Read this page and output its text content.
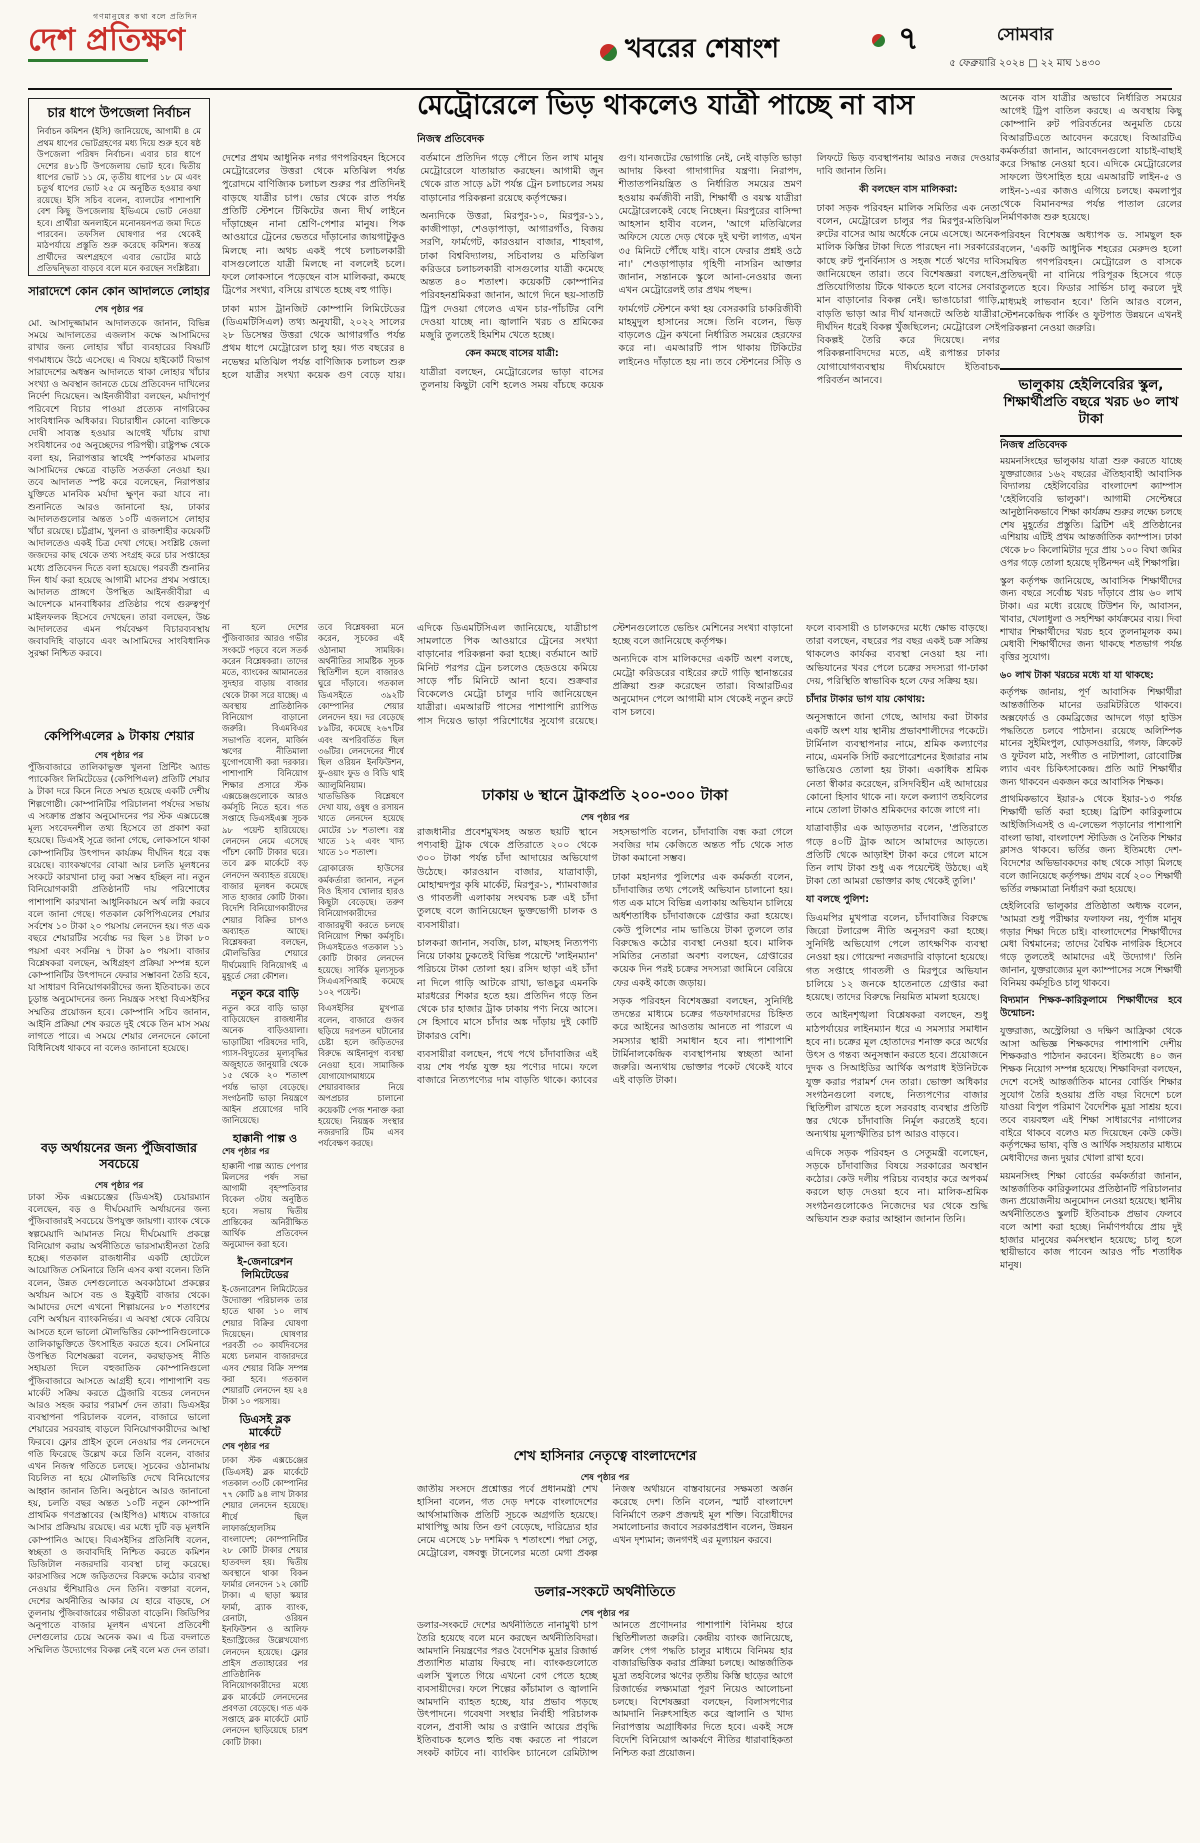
গণমানুষের কথা বলে প্রতিদিন

দেশ প্রতিক্ষণ	খবরের শেষাংশ	৭	সোমবার

৫ ফেব্রুয়ারি ২০২৪ □ ২২ মাঘ ১৪৩০

চার ধাপে উপজেলা নির্বাচন
নির্বাচন কমিশন (ইসি) জানিয়েছে, আগামী ৪ মে প্রথম ধাপের ভোটগ্রহণের মধ্য দিয়ে শুরু হবে ষষ্ঠ উপজেলা পরিষদ নির্বাচন। এবার চার ধাপে দেশের ৪৮১টি উপজেলায় ভোট হবে। দ্বিতীয় ধাপের ভোট ১১ মে, তৃতীয় ধাপের ১৮ মে এবং চতুর্থ ধাপের ভোট ২৫ মে অনুষ্ঠিত হওয়ার কথা রয়েছে। ইসি সচিব বলেন, ব্যালটের পাশাপাশি বেশ কিছু উপজেলায় ইভিএমে ভোট নেওয়া হবে। প্রার্থীরা অনলাইনে মনোনয়নপত্র জমা দিতে পারবেন। তফসিল ঘোষণার পর থেকেই মাঠপর্যায়ে প্রস্তুতি শুরু করেছে কমিশন। স্বতন্ত্র প্রার্থীদের অংশগ্রহণে এবার ভোটের মাঠে প্রতিদ্বন্দ্বিতা বাড়বে বলে মনে করছেন সংশ্লিষ্টরা।
সারাদেশে কোন কোন আদালতে লোহার

শেষ পৃষ্ঠার পর

মো. আসাদুজ্জামান আদালতকে জানান, বিভিন্ন সময়ে আদালতের এজলাস কক্ষে আসামিদের রাখার জন্য লোহার খাঁচা ব্যবহারের বিষয়টি গণমাধ্যমে উঠে এসেছে। এ বিষয়ে হাইকোর্ট বিভাগ সারাদেশের অধস্তন আদালতে থাকা লোহার খাঁচার সংখ্যা ও অবস্থান জানতে চেয়ে প্রতিবেদন দাখিলের নির্দেশ দিয়েছেন। আইনজীবীরা বলছেন, মর্যাদাপূর্ণ পরিবেশে বিচার পাওয়া প্রত্যেক নাগরিকের সাংবিধানিক অধিকার। বিচারাধীন কোনো ব্যক্তিকে দোষী সাব্যস্ত হওয়ার আগেই খাঁচায় রাখা সংবিধানের ৩৫ অনুচ্ছেদের পরিপন্থী। রাষ্ট্রপক্ষ থেকে বলা হয়, নিরাপত্তার স্বার্থেই স্পর্শকাতর মামলার আসামিদের ক্ষেত্রে বাড়তি সতর্কতা নেওয়া হয়। তবে আদালত স্পষ্ট করে বলেছেন, নিরাপত্তার যুক্তিতে মানবিক মর্যাদা ক্ষুণ্ন করা যাবে না। শুনানিতে আরও জানানো হয়, ঢাকার আদালতগুলোর অন্তত ১০টি এজলাসে লোহার খাঁচা রয়েছে। চট্টগ্রাম, খুলনা ও রাজশাহীর কয়েকটি আদালতেও একই চিত্র দেখা গেছে। সংশ্লিষ্ট জেলা জজদের কাছ থেকে তথ্য সংগ্রহ করে চার সপ্তাহের মধ্যে প্রতিবেদন দিতে বলা হয়েছে। পরবর্তী শুনানির দিন ধার্য করা হয়েছে আগামী মাসের প্রথম সপ্তাহে। আদালত প্রাঙ্গণে উপস্থিত আইনজীবীরা এ আদেশকে মানবাধিকার প্রতিষ্ঠার পথে গুরুত্বপূর্ণ মাইলফলক হিসেবে দেখছেন। তারা বলছেন, উচ্চ আদালতের এমন পর্যবেক্ষণ বিচারব্যবস্থায় জবাবদিহি বাড়াবে এবং আসামিদের সাংবিধানিক সুরক্ষা নিশ্চিত করবে।

কেপিপিএলের ৯ টাকায় শেয়ার

শেষ পৃষ্ঠার পর

পুঁজিবাজারে তালিকাভুক্ত খুলনা প্রিন্টিং অ্যান্ড প্যাকেজিং লিমিটেডের (কেপিপিএল) প্রতিটি শেয়ার ৯ টাকা দরে কিনে নিতে সম্মত হয়েছে একটি দেশীয় শিল্পগোষ্ঠী। কোম্পানিটির পরিচালনা পর্ষদের সভায় এ সংক্রান্ত প্রস্তাব অনুমোদনের পর স্টক এক্সচেঞ্জে মূল্য সংবেদনশীল তথ্য হিসেবে তা প্রকাশ করা হয়েছে। ডিএসই সূত্রে জানা গেছে, লোকসানে থাকা কোম্পানিটির উৎপাদন কার্যক্রম দীর্ঘদিন ধরে বন্ধ রয়েছে। ব্যাংকঋণের বোঝা আর চলতি মূলধনের সংকটে কারখানা চালু করা সম্ভব হচ্ছিল না। নতুন বিনিয়োগকারী প্রতিষ্ঠানটি দায় পরিশোধের পাশাপাশি কারখানা আধুনিকায়নে অর্থ লগ্নি করবে বলে জানা গেছে। গতকাল কেপিপিএলের শেয়ার সর্বশেষ ১০ টাকা ২০ পয়সায় লেনদেন হয়। গত এক বছরে শেয়ারটির সর্বোচ্চ দর ছিল ১৪ টাকা ৮০ পয়সা এবং সর্বনিম্ন ৭ টাকা ৯০ পয়সা। বাজার বিশ্লেষকরা বলছেন, অধিগ্রহণ প্রক্রিয়া সম্পন্ন হলে কোম্পানিটির উৎপাদনে ফেরার সম্ভাবনা তৈরি হবে, যা সাধারণ বিনিয়োগকারীদের জন্য ইতিবাচক। তবে চূড়ান্ত অনুমোদনের জন্য নিয়ন্ত্রক সংস্থা বিএসইসির সম্মতির প্রয়োজন হবে। কোম্পানি সচিব জানান, আইনি প্রক্রিয়া শেষ করতে দুই থেকে তিন মাস সময় লাগতে পারে। এ সময়ে শেয়ার লেনদেনে কোনো বিধিনিষেধ থাকবে না বলেও জানানো হয়েছে।

বড় অর্থায়নের জন্য পুঁজিবাজার সবচেয়ে

শেষ পৃষ্ঠার পর

ঢাকা স্টক এক্সচেঞ্জের (ডিএসই) চেয়ারম্যান বলেছেন, বড় ও দীর্ঘমেয়াদি অর্থায়নের জন্য পুঁজিবাজারই সবচেয়ে উপযুক্ত জায়গা। ব্যাংক থেকে স্বল্পমেয়াদি আমানত নিয়ে দীর্ঘমেয়াদি প্রকল্পে বিনিয়োগ করায় অর্থনীতিতে ভারসাম্যহীনতা তৈরি হচ্ছে। গতকাল রাজধানীর একটি হোটেলে আয়োজিত সেমিনারে তিনি এসব কথা বলেন। তিনি বলেন, উন্নত দেশগুলোতে অবকাঠামো প্রকল্পের অর্থায়ন আসে বন্ড ও ইকুইটি বাজার থেকে। আমাদের দেশে এখনো শিল্পায়নের ৮০ শতাংশের বেশি অর্থায়ন ব্যাংকনির্ভর। এ অবস্থা থেকে বেরিয়ে আসতে হলে ভালো মৌলভিত্তির কোম্পানিগুলোকে তালিকাভুক্তিতে উৎসাহিত করতে হবে। সেমিনারে উপস্থিত বিশেষজ্ঞরা বলেন, করছাড়সহ নীতি সহায়তা দিলে বহুজাতিক কোম্পানিগুলো পুঁজিবাজারে আসতে আগ্রহী হবে। পাশাপাশি বন্ড মার্কেট সক্রিয় করতে ট্রেজারি বন্ডের লেনদেন আরও সহজ করার পরামর্শ দেন তারা। ডিএসইর ব্যবস্থাপনা পরিচালক বলেন, বাজারে ভালো শেয়ারের সরবরাহ বাড়লে বিনিয়োগকারীদের আস্থা ফিরবে। ফ্লোর প্রাইস তুলে নেওয়ার পর লেনদেনে গতি ফিরেছে উল্লেখ করে তিনি বলেন, বাজার এখন নিজস্ব গতিতে চলছে। সূচকের ওঠানামায় বিচলিত না হয়ে মৌলভিত্তি দেখে বিনিয়োগের আহ্বান জানান তিনি। অনুষ্ঠানে আরও জানানো হয়, চলতি বছর অন্তত ১০টি নতুন কোম্পানি প্রাথমিক গণপ্রস্তাবের (আইপিও) মাধ্যমে বাজারে আসার প্রক্রিয়ায় রয়েছে। এর মধ্যে দুটি বড় মূলধনি কোম্পানিও আছে। বিএসইসির প্রতিনিধি বলেন, স্বচ্ছতা ও জবাবদিহি নিশ্চিত করতে কমিশন ডিজিটাল নজরদারি ব্যবস্থা চালু করেছে। কারসাজির সঙ্গে জড়িতদের বিরুদ্ধে কঠোর ব্যবস্থা নেওয়ার হুঁশিয়ারিও দেন তিনি। বক্তারা বলেন, দেশের অর্থনীতির আকার যে হারে বাড়ছে, সে তুলনায় পুঁজিবাজারের গভীরতা বাড়েনি। জিডিপির অনুপাতে বাজার মূলধন এখনো প্রতিবেশী দেশগুলোর চেয়ে অনেক কম। এ চিত্র বদলাতে সম্মিলিত উদ্যোগের বিকল্প নেই বলে মত দেন তারা।

মেট্রোরেলে ভিড় থাকলেও যাত্রী পাচ্ছে না বাস

নিজস্ব প্রতিবেদক

দেশের প্রথম আধুনিক নগর গণপরিবহন হিসেবে মেট্রোরেলের উত্তরা থেকে মতিঝিল পর্যন্ত পুরোদমে বাণিজ্যিক চলাচল শুরুর পর প্রতিদিনই বাড়ছে যাত্রীর চাপ। ভোর থেকে রাত পর্যন্ত প্রতিটি স্টেশনে টিকিটের জন্য দীর্ঘ লাইনে দাঁড়াচ্ছেন নানা শ্রেণি-পেশার মানুষ। পিক আওয়ারে ট্রেনের ভেতরে দাঁড়ানোর জায়গাটুকুও মিলছে না। অথচ একই পথে চলাচলকারী বাসগুলোতে যাত্রী মিলছে না বললেই চলে। ফলে লোকসানে পড়েছেন বাস মালিকরা, কমছে ট্রিপের সংখ্যা, বসিয়ে রাখতে হচ্ছে বহু গাড়ি।

ঢাকা ম্যাস ট্রানজিট কোম্পানি লিমিটেডের (ডিএমটিসিএল) তথ্য অনুযায়ী, ২০২২ সালের ২৮ ডিসেম্বর উত্তরা থেকে আগারগাঁও পর্যন্ত প্রথম ধাপে মেট্রোরেল চালু হয়। গত বছরের ৪ নভেম্বর মতিঝিল পর্যন্ত বাণিজ্যিক চলাচল শুরু হলে যাত্রীর সংখ্যা কয়েক গুণ বেড়ে যায়। বর্তমানে প্রতিদিন গড়ে পৌনে তিন লাখ মানুষ মেট্রোরেলে যাতায়াত করছেন। আগামী জুন থেকে রাত সাড়ে ৯টা পর্যন্ত ট্রেন চলাচলের সময় বাড়ানোর পরিকল্পনা রয়েছে কর্তৃপক্ষের।

অন্যদিকে উত্তরা, মিরপুর-১০, মিরপুর-১১, কাজীপাড়া, শেওড়াপাড়া, আগারগাঁও, বিজয় সরণি, ফার্মগেট, কারওয়ান বাজার, শাহবাগ, ঢাকা বিশ্ববিদ্যালয়, সচিবালয় ও মতিঝিল করিডরে চলাচলকারী বাসগুলোর যাত্রী কমেছে অন্তত ৪০ শতাংশ। কয়েকটি কোম্পানির পরিবহনশ্রমিকরা জানান, আগে দিনে ছয়-সাতটি ট্রিপ দেওয়া গেলেও এখন চার-পাঁচটির বেশি দেওয়া যাচ্ছে না। জ্বালানি খরচ ও শ্রমিকের মজুরি তুলতেই হিমশিম খেতে হচ্ছে।

কেন কমছে বাসের যাত্রী:

যাত্রীরা বলছেন, মেট্রোরেলের ভাড়া বাসের তুলনায় কিছুটা বেশি হলেও সময় বাঁচছে কয়েক গুণ। যানজটের ভোগান্তি নেই, নেই বাড়তি ভাড়া আদায় কিংবা গাদাগাদির যন্ত্রণা। নিরাপদ, শীতাতপনিয়ন্ত্রিত ও নির্ধারিত সময়ের ভ্রমণ হওয়ায় কর্মজীবী নারী, শিক্ষার্থী ও বয়স্ক যাত্রীরা মেট্রোরেলকেই বেছে নিচ্ছেন। মিরপুরের বাসিন্দা আহসান হাবীব বলেন, 'আগে মতিঝিলের অফিসে যেতে দেড় থেকে দুই ঘণ্টা লাগত, এখন ৩৫ মিনিটে পৌঁছে যাই। বাসে ফেরার প্রশ্নই ওঠে না।' শেওড়াপাড়ার গৃহিণী নাসরিন আক্তার জানান, সন্তানকে স্কুলে আনা-নেওয়ার জন্য এখন মেট্রোরেলই তার প্রথম পছন্দ।

ফার্মগেট স্টেশনে কথা হয় বেসরকারি চাকরিজীবী মাহমুদুল হাসানের সঙ্গে। তিনি বলেন, ভিড় বাড়লেও ট্রেন কখনো নির্ধারিত সময়ের হেরফের করে না। এমআরটি পাস থাকায় টিকিটের লাইনেও দাঁড়াতে হয় না। তবে স্টেশনের সিঁড়ি ও লিফটে ভিড় ব্যবস্থাপনায় আরও নজর দেওয়ার দাবি জানান তিনি।

কী বলছেন বাস মালিকরা:

ঢাকা সড়ক পরিবহন মালিক সমিতির এক নেতা বলেন, মেট্রোরেল চালুর পর মিরপুর-মতিঝিল রুটের বাসের আয় অর্ধেকে নেমে এসেছে। অনেক মালিক কিস্তির টাকা দিতে পারছেন না। সরকারের কাছে রুট পুনর্বিন্যাস ও সহজ শর্তে ঋণের দাবি জানিয়েছেন তারা। তবে বিশেষজ্ঞরা বলছেন, প্রতিযোগিতায় টিকে থাকতে হলে বাসের সেবার মান বাড়ানোর বিকল্প নেই। ভাঙাচোরা গাড়ি, বাড়তি ভাড়া আর দীর্ঘ যানজটে অতিষ্ঠ যাত্রীরা দীর্ঘদিন ধরেই বিকল্প খুঁজছিলেন; মেট্রোরেল সেই বিকল্পই তৈরি করে দিয়েছে। নগর পরিকল্পনাবিদদের মতে, এই রূপান্তর ঢাকার যোগাযোগব্যবস্থায় দীর্ঘমেয়াদে ইতিবাচক পরিবর্তন আনবে।

এদিকে ডিএমটিসিএল জানিয়েছে, যাত্রীচাপ সামলাতে পিক আওয়ারে ট্রেনের সংখ্যা বাড়ানোর পরিকল্পনা করা হচ্ছে। বর্তমানে আট মিনিট পরপর ট্রেন চললেও হেডওয়ে কমিয়ে সাড়ে পাঁচ মিনিটে আনা হবে। শুক্রবার বিকেলেও মেট্রো চালুর দাবি জানিয়েছেন যাত্রীরা। এমআরটি পাসের পাশাপাশি র‌্যাপিড পাস দিয়েও ভাড়া পরিশোধের সুযোগ রয়েছে। স্টেশনগুলোতে ভেন্ডিং মেশিনের সংখ্যা বাড়ানো হচ্ছে বলে জানিয়েছে কর্তৃপক্ষ।

অন্যদিকে বাস মালিকদের একটি অংশ বলছে, মেট্রো করিডরের বাইরের রুটে গাড়ি স্থানান্তরের প্রক্রিয়া শুরু করেছেন তারা। বিআরটিএর অনুমোদন পেলে আগামী মাস থেকেই নতুন রুটে বাস চলবে।

অনেক বাস যাত্রীর অভাবে নির্ধারিত সময়ের আগেই ট্রিপ বাতিল করছে। এ অবস্থায় কিছু কোম্পানি রুট পরিবর্তনের অনুমতি চেয়ে বিআরটিএতে আবেদন করেছে। বিআরটিএ কর্মকর্তারা জানান, আবেদনগুলো যাচাই-বাছাই করে সিদ্ধান্ত নেওয়া হবে। এদিকে মেট্রোরেলের সাফল্যে উৎসাহিত হয়ে এমআরটি লাইন-৫ ও লাইন-১-এর কাজও এগিয়ে চলছে। কমলাপুর থেকে বিমানবন্দর পর্যন্ত পাতাল রেলের নির্মাণকাজ শুরু হয়েছে।

পরিবহন বিশেষজ্ঞ অধ্যাপক ড. সামছুল হক বলেন, 'একটি আধুনিক শহরের মেরুদণ্ড হলো সমন্বিত গণপরিবহন। মেট্রোরেল ও বাসকে প্রতিদ্বন্দ্বী না বানিয়ে পরিপূরক হিসেবে গড়ে তুলতে হবে। ফিডার সার্ভিস চালু করলে দুই মাধ্যমই লাভবান হবে।' তিনি আরও বলেন, স্টেশনকেন্দ্রিক পার্কিং ও ফুটপাত উন্নয়নে এখনই পরিকল্পনা নেওয়া জরুরি।

ভালুকায় হেইলিবেরির স্কুল, শিক্ষার্থীপ্রতি বছরে খরচ ৬০ লাখ টাকা

নিজস্ব প্রতিবেদক

ময়মনসিংহের ভালুকায় যাত্রা শুরু করতে যাচ্ছে যুক্তরাজ্যের ১৬২ বছরের ঐতিহ্যবাহী আবাসিক বিদ্যালয় হেইলিবেরির বাংলাদেশ ক্যাম্পাস 'হেইলিবেরি ভালুকা'। আগামী সেপ্টেম্বরে আনুষ্ঠানিকভাবে শিক্ষা কার্যক্রম শুরুর লক্ষ্যে চলছে শেষ মুহূর্তের প্রস্তুতি। ব্রিটিশ এই প্রতিষ্ঠানের এশিয়ায় এটিই প্রথম আন্তর্জাতিক ক্যাম্পাস। ঢাকা থেকে ৮০ কিলোমিটার দূরে প্রায় ১০০ বিঘা জমির ওপর গড়ে তোলা হয়েছে দৃষ্টিনন্দন এই শিক্ষাপল্লি।

স্কুল কর্তৃপক্ষ জানিয়েছে, আবাসিক শিক্ষার্থীদের জন্য বছরে সর্বোচ্চ খরচ দাঁড়াবে প্রায় ৬০ লাখ টাকা। এর মধ্যে রয়েছে টিউশন ফি, আবাসন, খাবার, খেলাধুলা ও সহশিক্ষা কার্যক্রমের ব্যয়। দিবা শাখার শিক্ষার্থীদের খরচ হবে তুলনামূলক কম। মেধাবী শিক্ষার্থীদের জন্য থাকছে শতভাগ পর্যন্ত বৃত্তির সুযোগ।

৬০ লাখ টাকা খরচের মধ্যে যা যা থাকছে:

কর্তৃপক্ষ জানায়, পূর্ণ আবাসিক শিক্ষার্থীরা আন্তর্জাতিক মানের ডরমিটরিতে থাকবে। অক্সফোর্ড ও কেমব্রিজের আদলে গড়া হাউস পদ্ধতিতে চলবে পাঠদান। রয়েছে অলিম্পিক মানের সুইমিংপুল, ঘোড়সওয়ারি, গলফ, ক্রিকেট ও ফুটবল মাঠ, সংগীত ও নাট্যশালা, রোবোটিক্স ল্যাব এবং চিকিৎসাকেন্দ্র। প্রতি আট শিক্ষার্থীর জন্য থাকবেন একজন করে আবাসিক শিক্ষক।

প্রাথমিকভাবে ইয়ার-৯ থেকে ইয়ার-১৩ পর্যন্ত শিক্ষার্থী ভর্তি করা হচ্ছে। ব্রিটিশ কারিকুলামে আইজিসিএসই ও এ-লেভেল পড়ানোর পাশাপাশি বাংলা ভাষা, বাংলাদেশ স্টাডিজ ও নৈতিক শিক্ষার ক্লাসও থাকবে। ভর্তির জন্য ইতিমধ্যে দেশ-বিদেশের অভিভাবকদের কাছ থেকে সাড়া মিলছে বলে জানিয়েছে কর্তৃপক্ষ। প্রথম বর্ষে ২০০ শিক্ষার্থী ভর্তির লক্ষ্যমাত্রা নির্ধারণ করা হয়েছে।

হেইলিবেরি ভালুকার প্রতিষ্ঠাতা অধ্যক্ষ বলেন, 'আমরা শুধু পরীক্ষার ফলাফল নয়, পূর্ণাঙ্গ মানুষ গড়ার শিক্ষা দিতে চাই। বাংলাদেশের শিক্ষার্থীদের মেধা বিশ্বমানের; তাদের বৈশ্বিক নাগরিক হিসেবে গড়ে তুলতেই আমাদের এই উদ্যোগ।' তিনি জানান, যুক্তরাজ্যের মূল ক্যাম্পাসের সঙ্গে শিক্ষার্থী বিনিময় কর্মসূচিও চালু থাকবে।

বিদ্যমান শিক্ষক-কারিকুলামে শিক্ষার্থীদের হবে উন্মোচন:

যুক্তরাজ্য, অস্ট্রেলিয়া ও দক্ষিণ আফ্রিকা থেকে আসা অভিজ্ঞ শিক্ষকদের পাশাপাশি দেশীয় শিক্ষকরাও পাঠদান করবেন। ইতিমধ্যে ৪০ জন শিক্ষক নিয়োগ সম্পন্ন হয়েছে। শিক্ষাবিদরা বলছেন, দেশে বসেই আন্তর্জাতিক মানের বোর্ডিং শিক্ষার সুযোগ তৈরি হওয়ায় প্রতি বছর বিদেশে চলে যাওয়া বিপুল পরিমাণ বৈদেশিক মুদ্রা সাশ্রয় হবে। তবে ব্যয়বহুল এই শিক্ষা সাধারণের নাগালের বাইরে থাকবে বলেও মত দিয়েছেন কেউ কেউ। কর্তৃপক্ষের ভাষ্য, বৃত্তি ও আর্থিক সহায়তার মাধ্যমে মেধাবীদের জন্য দুয়ার খোলা রাখা হবে।

ময়মনসিংহ শিক্ষা বোর্ডের কর্মকর্তারা জানান, আন্তর্জাতিক কারিকুলামের প্রতিষ্ঠানটি পরিচালনার জন্য প্রয়োজনীয় অনুমোদন নেওয়া হয়েছে। স্থানীয় অর্থনীতিতেও স্কুলটি ইতিবাচক প্রভাব ফেলবে বলে আশা করা হচ্ছে। নির্মাণপর্যায়ে প্রায় দুই হাজার মানুষের কর্মসংস্থান হয়েছে; চালু হলে স্থায়ীভাবে কাজ পাবেন আরও পাঁচ শতাধিক মানুষ।

ঢাকায় ৬ স্থানে ট্রাকপ্রতি ২০০-৩০০ টাকা

শেষ পৃষ্ঠার পর

রাজধানীর প্রবেশমুখসহ অন্তত ছয়টি স্থানে পণ্যবাহী ট্রাক থেকে প্রতিরাতে ২০০ থেকে ৩০০ টাকা পর্যন্ত চাঁদা আদায়ের অভিযোগ উঠেছে। কারওয়ান বাজার, যাত্রাবাড়ী, মোহাম্মদপুর কৃষি মার্কেট, মিরপুর-১, শ্যামবাজার ও গাবতলী এলাকায় সংঘবদ্ধ চক্র এই চাঁদা তুলছে বলে জানিয়েছেন ভুক্তভোগী চালক ও ব্যবসায়ীরা।

চালকরা জানান, সবজি, চাল, মাছসহ নিত্যপণ্য নিয়ে ঢাকায় ঢুকতেই বিভিন্ন পয়েন্টে 'লাইনম্যান' পরিচয়ে টাকা তোলা হয়। রসিদ ছাড়া এই চাঁদা না দিলে গাড়ি আটকে রাখা, ভাঙচুর এমনকি মারধরের শিকার হতে হয়। প্রতিদিন গড়ে তিন থেকে চার হাজার ট্রাক ঢাকায় পণ্য নিয়ে আসে। সে হিসাবে মাসে চাঁদার অঙ্ক দাঁড়ায় দুই কোটি টাকারও বেশি।

ব্যবসায়ীরা বলছেন, পথে পথে চাঁদাবাজির এই ব্যয় শেষ পর্যন্ত যুক্ত হয় পণ্যের দামে। ফলে বাজারে নিত্যপণ্যের দাম বাড়তি থাকে। ক্যাবের সহসভাপতি বলেন, চাঁদাবাজি বন্ধ করা গেলে সবজির দাম কেজিতে অন্তত পাঁচ থেকে সাত টাকা কমানো সম্ভব।

ঢাকা মহানগর পুলিশের এক কর্মকর্তা বলেন, চাঁদাবাজির তথ্য পেলেই অভিযান চালানো হয়। গত এক মাসে বিভিন্ন এলাকায় অভিযান চালিয়ে অর্ধশতাধিক চাঁদাবাজকে গ্রেপ্তার করা হয়েছে। কেউ পুলিশের নাম ভাঙিয়ে টাকা তুললে তার বিরুদ্ধেও কঠোর ব্যবস্থা নেওয়া হবে। মালিক সমিতির নেতারা অবশ্য বলছেন, গ্রেপ্তারের কয়েক দিন পরই চক্রের সদস্যরা জামিনে বেরিয়ে ফের একই কাজে জড়ায়।

সড়ক পরিবহন বিশেষজ্ঞরা বলছেন, সুনির্দিষ্ট তদন্তের মাধ্যমে চক্রের গডফাদারদের চিহ্নিত করে আইনের আওতায় আনতে না পারলে এ সমস্যার স্থায়ী সমাধান হবে না। পাশাপাশি টার্মিনালকেন্দ্রিক ব্যবস্থাপনায় স্বচ্ছতা আনা জরুরি। অন্যথায় ভোক্তার পকেট থেকেই যাবে এই বাড়তি টাকা।

শেখ হাসিনার নেতৃত্বে বাংলাদেশের

শেষ পৃষ্ঠার পর

জাতীয় সংসদে প্রশ্নোত্তর পর্বে প্রধানমন্ত্রী শেখ হাসিনা বলেন, গত দেড় দশকে বাংলাদেশের আর্থসামাজিক প্রতিটি সূচকে অগ্রগতি হয়েছে। মাথাপিছু আয় তিন গুণ বেড়েছে, দারিদ্র্যের হার নেমে এসেছে ১৮ দশমিক ৭ শতাংশে। পদ্মা সেতু, মেট্রোরেল, বঙ্গবন্ধু টানেলের মতো মেগা প্রকল্প নিজস্ব অর্থায়নে বাস্তবায়নের সক্ষমতা অর্জন করেছে দেশ। তিনি বলেন, স্মার্ট বাংলাদেশ বিনির্মাণে তরুণ প্রজন্মই মূল শক্তি। বিরোধীদের সমালোচনার জবাবে সরকারপ্রধান বলেন, উন্নয়ন এখন দৃশ্যমান; জনগণই এর মূল্যায়ন করবে।

ডলার-সংকটে অর্থনীতিতে

শেষ পৃষ্ঠার পর

ডলার-সংকটে দেশের অর্থনীতিতে নানামুখী চাপ তৈরি হয়েছে বলে মনে করছেন অর্থনীতিবিদরা। আমদানি নিয়ন্ত্রণের পরও বৈদেশিক মুদ্রার রিজার্ভ প্রত্যাশিত মাত্রায় ফিরছে না। ব্যাংকগুলোতে এলসি খুলতে গিয়ে এখনো বেগ পেতে হচ্ছে ব্যবসায়ীদের। ফলে শিল্পের কাঁচামাল ও জ্বালানি আমদানি ব্যাহত হচ্ছে, যার প্রভাব পড়ছে উৎপাদনে। গবেষণা সংস্থার নির্বাহী পরিচালক বলেন, প্রবাসী আয় ও রপ্তানি আয়ের প্রবৃদ্ধি ইতিবাচক হলেও হুন্ডি বন্ধ করতে না পারলে সংকট কাটবে না। ব্যাংকিং চ্যানেলে রেমিট্যান্স আনতে প্রণোদনার পাশাপাশি বিনিময় হারে স্থিতিশীলতা জরুরি। কেন্দ্রীয় ব্যাংক জানিয়েছে, ক্রলিং পেগ পদ্ধতি চালুর মাধ্যমে বিনিময় হার বাজারভিত্তিক করার প্রক্রিয়া চলছে। আন্তর্জাতিক মুদ্রা তহবিলের ঋণের তৃতীয় কিস্তি ছাড়ের আগে রিজার্ভের লক্ষ্যমাত্রা পূরণ নিয়েও আলোচনা চলছে। বিশেষজ্ঞরা বলছেন, বিলাসপণ্যের আমদানি নিরুৎসাহিত করে জ্বালানি ও খাদ্য নিরাপত্তায় অগ্রাধিকার দিতে হবে। একই সঙ্গে বিদেশি বিনিয়োগ আকর্ষণে নীতির ধারাবাহিকতা নিশ্চিত করা প্রয়োজন।

ফলে ব্যবসায়ী ও চালকদের মধ্যে ক্ষোভ বাড়ছে। তারা বলছেন, বছরের পর বছর একই চক্র সক্রিয় থাকলেও কার্যকর ব্যবস্থা নেওয়া হয় না। অভিযানের খবর পেলে চক্রের সদস্যরা গা-ঢাকা দেয়, পরিস্থিতি স্বাভাবিক হলে ফের সক্রিয় হয়।

চাঁদার টাকার ভাগ যায় কোথায়:

অনুসন্ধানে জানা গেছে, আদায় করা টাকার একটি অংশ যায় স্থানীয় প্রভাবশালীদের পকেটে। টার্মিনাল ব্যবস্থাপনার নামে, শ্রমিক কল্যাণের নামে, এমনকি সিটি করপোরেশনের ইজারার নাম ভাঙিয়েও তোলা হয় টাকা। একাধিক শ্রমিক নেতা স্বীকার করেছেন, রসিদবিহীন এই আদায়ের কোনো হিসাব থাকে না। ফলে কল্যাণ তহবিলের নামে তোলা টাকাও শ্রমিকদের কাজে লাগে না।

যাত্রাবাড়ীর এক আড়তদার বলেন, 'প্রতিরাতে গড়ে ৪০টি ট্রাক আসে আমাদের আড়তে। প্রতিটি থেকে আড়াইশ টাকা করে গেলে মাসে তিন লাখ টাকা শুধু এক পয়েন্টেই উঠছে। এই টাকা তো আমরা ভোক্তার কাছ থেকেই তুলি।'

যা বলছে পুলিশ:

ডিএমপির মুখপাত্র বলেন, চাঁদাবাজির বিরুদ্ধে জিরো টলারেন্স নীতি অনুসরণ করা হচ্ছে। সুনির্দিষ্ট অভিযোগ পেলে তাৎক্ষণিক ব্যবস্থা নেওয়া হয়। গোয়েন্দা নজরদারি বাড়ানো হয়েছে। গত সপ্তাহে গাবতলী ও মিরপুরে অভিযান চালিয়ে ১২ জনকে হাতেনাতে গ্রেপ্তার করা হয়েছে। তাদের বিরুদ্ধে নিয়মিত মামলা হয়েছে।

তবে আইনশৃঙ্খলা বিশ্লেষকরা বলছেন, শুধু মাঠপর্যায়ের লাইনম্যান ধরে এ সমস্যার সমাধান হবে না। চক্রের মূল হোতাদের শনাক্ত করে অর্থের উৎস ও গন্তব্য অনুসন্ধান করতে হবে। প্রয়োজনে দুদক ও সিআইডির আর্থিক অপরাধ ইউনিটকে যুক্ত করার পরামর্শ দেন তারা। ভোক্তা অধিকার সংগঠনগুলো বলছে, নিত্যপণ্যের বাজার স্থিতিশীল রাখতে হলে সরবরাহ ব্যবস্থার প্রতিটি স্তর থেকে চাঁদাবাজি নির্মূল করতেই হবে। অন্যথায় মূল্যস্ফীতির চাপ আরও বাড়বে।

এদিকে সড়ক পরিবহন ও সেতুমন্ত্রী বলেছেন, সড়কে চাঁদাবাজির বিষয়ে সরকারের অবস্থান কঠোর। কেউ দলীয় পরিচয় ব্যবহার করে অপকর্ম করলে ছাড় দেওয়া হবে না। মালিক-শ্রমিক সংগঠনগুলোকেও নিজেদের ঘর থেকে শুদ্ধি অভিযান শুরু করার আহ্বান জানান তিনি।

না হলে দেশের পুঁজিবাজার আরও গভীর সংকটে পড়বে বলে সতর্ক করেন বিশ্লেষকরা। তাদের মতে, ব্যাংকের আমানতের সুদহার বাড়ায় বাজার থেকে টাকা সরে যাচ্ছে। এ অবস্থায় প্রাতিষ্ঠানিক বিনিয়োগ বাড়ানো জরুরি। বিএমবিএর সভাপতি বলেন, মার্জিন ঋণের নীতিমালা যুগোপযোগী করা দরকার। পাশাপাশি বিনিয়োগ শিক্ষার প্রসারে স্টক এক্সচেঞ্জগুলোকে আরও কর্মসূচি নিতে হবে। গত সপ্তাহে ডিএসইএক্স সূচক ৯৮ পয়েন্ট হারিয়েছে। লেনদেন নেমে এসেছে পাঁচশ কোটি টাকার ঘরে। তবে ব্লক মার্কেটে বড় লেনদেন অব্যাহত রয়েছে। বাজার মূলধন কমেছে সাত হাজার কোটি টাকা। বিদেশি বিনিয়োগকারীদের শেয়ার বিক্রির চাপও অব্যাহত আছে। বিশ্লেষকরা বলছেন, মৌলভিত্তির শেয়ারে দীর্ঘমেয়াদি বিনিয়োগই এ মুহূর্তে সেরা কৌশল।

নতুন করে বাড়ি

নতুন করে বাড়ি ভাড়া বাড়িয়েছেন রাজধানীর অনেক বাড়িওয়ালা। ভাড়াটিয়া পরিষদের দাবি, গ্যাস-বিদ্যুতের মূল্যবৃদ্ধির অজুহাতে জানুয়ারি থেকে ১৫ থেকে ২০ শতাংশ পর্যন্ত ভাড়া বেড়েছে। সংগঠনটি ভাড়া নিয়ন্ত্রণে আইন প্রয়োগের দাবি জানিয়েছে।

হাক্কানী পাল্প ও

শেষ পৃষ্ঠার পর

হাক্কানী পাল্প অ্যান্ড পেপার মিলসের পর্ষদ সভা আগামী বৃহস্পতিবার বিকেল ৩টায় অনুষ্ঠিত হবে। সভায় দ্বিতীয় প্রান্তিকের অনিরীক্ষিত আর্থিক প্রতিবেদন অনুমোদন করা হবে।

ই-জেনারেশন লিমিটেডের

ই-জেনারেশন লিমিটেডের উদ্যোক্তা পরিচালক তার হাতে থাকা ১০ লাখ শেয়ার বিক্রির ঘোষণা দিয়েছেন। ঘোষণার পরবর্তী ৩০ কার্যদিবসের মধ্যে চলমান বাজারদরে এসব শেয়ার বিক্রি সম্পন্ন করা হবে। গতকাল শেয়ারটি লেনদেন হয় ২৪ টাকা ১০ পয়সায়।

ডিএসই ব্লক মার্কেটে

শেষ পৃষ্ঠার পর

ঢাকা স্টক এক্সচে‌ঞ্জের (ডিএসই) ব্লক মার্কেটে গতকাল ৩৩টি কোম্পানির ৭৭ কোটি ৯৪ লাখ টাকার শেয়ার লেনদেন হয়েছে। শীর্ষে ছিল লাফার্জহোলসিম বাংলাদেশ; কোম্পানিটির ২৮ কোটি টাকার শেয়ার হাতবদল হয়। দ্বিতীয় অবস্থানে থাকা বিকন ফার্মার লেনদেন ১২ কোটি টাকা। এ ছাড়া স্কয়ার ফার্মা, ব্র্যাক ব্যাংক, রেনাটা, ওরিয়ন ইনফিউশন ও আলিফ ইন্ডাস্ট্রিজের উল্লেখযোগ্য লেনদেন হয়েছে। ফ্লোর প্রাইস প্রত্যাহারের পর প্রাতিষ্ঠানিক বিনিয়োগকারীদের মধ্যে ব্লক মার্কেটে লেনদেনের প্রবণতা বেড়েছে। গত এক সপ্তাহে ব্লক মার্কেটে মোট লেনদেন ছাড়িয়েছে চারশ কোটি টাকা।

তবে বিশ্লেষকরা মনে করেন, সূচকের এই ওঠানামা সাময়িক। অর্থনীতির সামষ্টিক সূচক স্থিতিশীল হলে বাজারও ঘুরে দাঁড়াবে। গতকাল ডিএসইতে ৩৯২টি কোম্পানির শেয়ার লেনদেন হয়। দর বেড়েছে ৮৯টির, কমেছে ২৬৭টির এবং অপরিবর্তিত ছিল ৩৬টির। লেনদেনের শীর্ষে ছিল ওরিয়ন ইনফিউশন, ফু-ওয়াং ফুড ও বিডি থাই অ্যালুমিনিয়াম। খাতভিত্তিক বিশ্লেষণে দেখা যায়, ওষুধ ও রসায়ন খাতে লেনদেন হয়েছে মোটের ১৮ শতাংশ। বস্ত্র খাতে ১২ এবং খাদ্য খাতে ১০ শতাংশ।

ব্রোকারেজ হাউসের কর্মকর্তারা জানান, নতুন বিও হিসাব খোলার হারও কিছুটা বেড়েছে। তরুণ বিনিয়োগকারীদের বাজারমুখী করতে চলছে বিনিয়োগ শিক্ষা কর্মসূচি। সিএসইতেও গতকাল ১১ কোটি টাকার লেনদেন হয়েছে। সার্বিক মূল্যসূচক সিএএসপিআই কমেছে ১০২ পয়েন্ট।

বিএসইসির মুখপাত্র বলেন, বাজারে গুজব ছড়িয়ে দরপতন ঘটানোর চেষ্টা হলে জড়িতদের বিরুদ্ধে আইনানুগ ব্যবস্থা নেওয়া হবে। সামাজিক যোগাযোগমাধ্যমে শেয়ারবাজার নিয়ে অপপ্রচার চালানো কয়েকটি পেজ শনাক্ত করা হয়েছে। নিয়ন্ত্রক সংস্থার নজরদারি টিম এসব পর্যবেক্ষণ করছে।
